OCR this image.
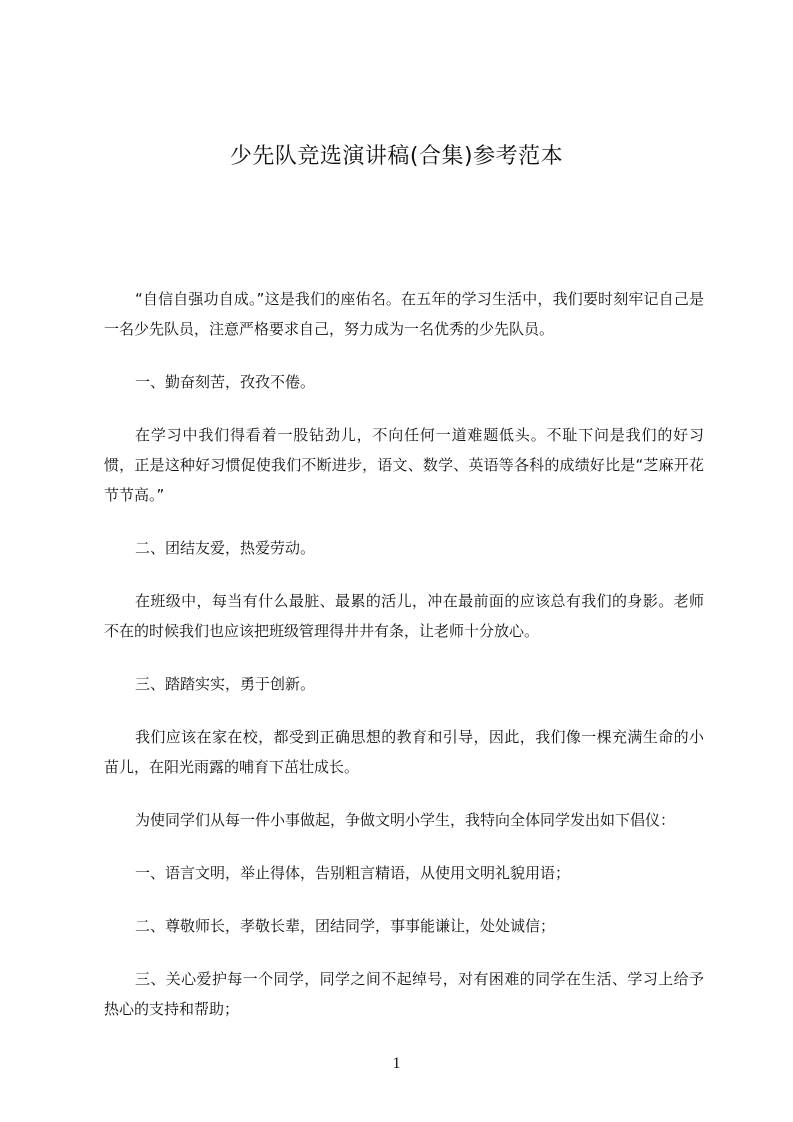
少先队竞选演讲稿(合集)参考范本

“自信自强功自成。”这是我们的座佑名。在五年的学习生活中，我们要时刻牢记自己是一名少先队员，注意严格要求自己，努力成为一名优秀的少先队员。

一、勤奋刻苦，孜孜不倦。

在学习中我们得看着一股钻劲儿，不向任何一道难题低头。不耻下问是我们的好习惯，正是这种好习惯促使我们不断进步，语文、数学、英语等各科的成绩好比是“芝麻开花节节高。”

二、团结友爱，热爱劳动。

在班级中，每当有什么最脏、最累的活儿，冲在最前面的应该总有我们的身影。老师不在的时候我们也应该把班级管理得井井有条，让老师十分放心。

三、踏踏实实，勇于创新。

我们应该在家在校，都受到正确思想的教育和引导，因此，我们像一棵充满生命的小苗儿，在阳光雨露的哺育下茁壮成长。

为使同学们从每一件小事做起，争做文明小学生，我特向全体同学发出如下倡仪：

一、语言文明，举止得体，告别粗言精语，从使用文明礼貌用语；

二、尊敬师长，孝敬长辈，团结同学，事事能谦让，处处诚信；

三、关心爱护每一个同学，同学之间不起绰号，对有困难的同学在生活、学习上给予热心的支持和帮助；

1
